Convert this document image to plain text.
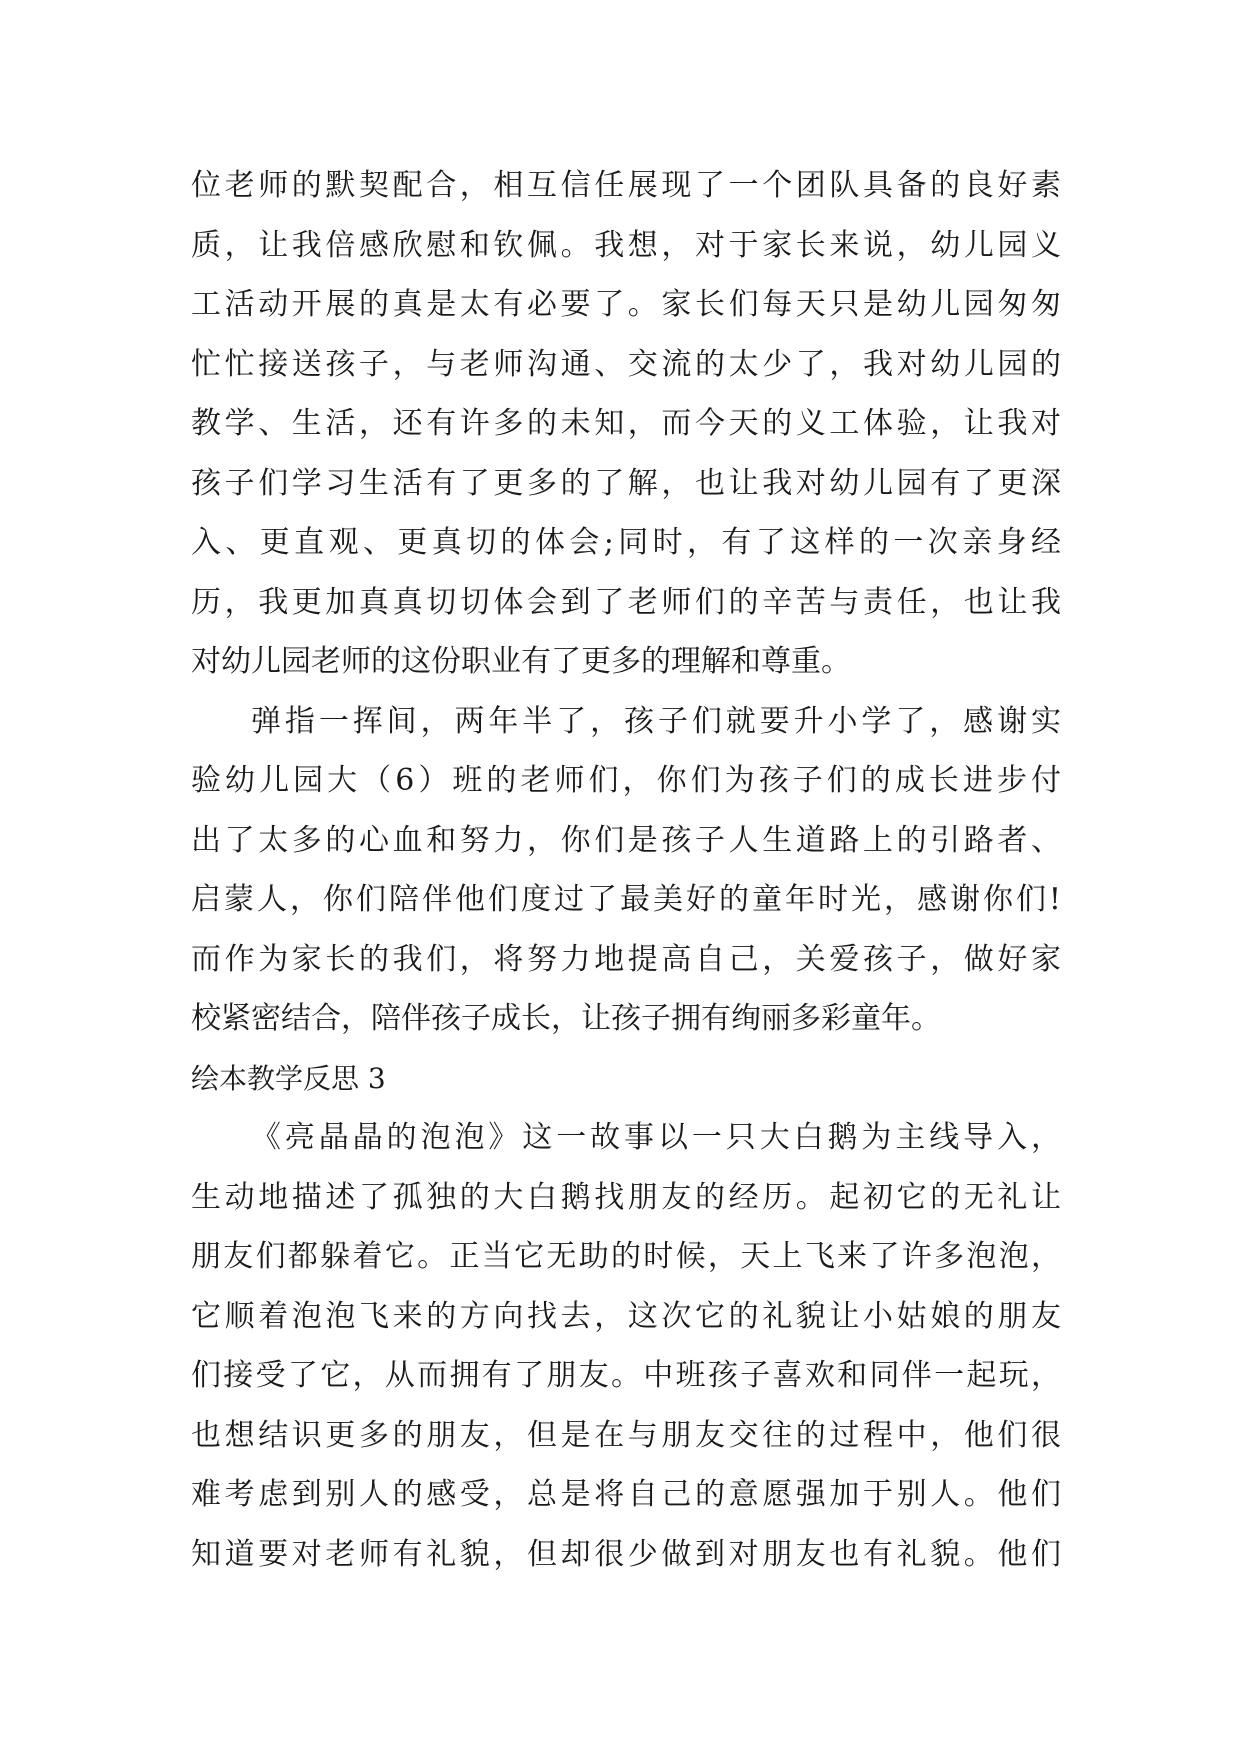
位老师的默契配合，相互信任展现了一个团队具备的良好素
质，让我倍感欣慰和钦佩。我想，对于家长来说，幼儿园义
工活动开展的真是太有必要了。家长们每天只是幼儿园匆匆
忙忙接送孩子，与老师沟通、交流的太少了，我对幼儿园的
教学、生活，还有许多的未知，而今天的义工体验，让我对
孩子们学习生活有了更多的了解，也让我对幼儿园有了更深
入、更直观、更真切的体会;同时，有了这样的一次亲身经
历，我更加真真切切体会到了老师们的辛苦与责任，也让我
对幼儿园老师的这份职业有了更多的理解和尊重。
弹指一挥间，两年半了，孩子们就要升小学了，感谢实
验幼儿园大（6）班的老师们，你们为孩子们的成长进步付
出了太多的心血和努力，你们是孩子人生道路上的引路者、
启蒙人，你们陪伴他们度过了最美好的童年时光，感谢你们!
而作为家长的我们，将努力地提高自己，关爱孩子，做好家
校紧密结合，陪伴孩子成长，让孩子拥有绚丽多彩童年。
绘本教学反思 3
《亮晶晶的泡泡》这一故事以一只大白鹅为主线导入，
生动地描述了孤独的大白鹅找朋友的经历。起初它的无礼让
朋友们都躲着它。正当它无助的时候，天上飞来了许多泡泡，
它顺着泡泡飞来的方向找去，这次它的礼貌让小姑娘的朋友
们接受了它，从而拥有了朋友。中班孩子喜欢和同伴一起玩，
也想结识更多的朋友，但是在与朋友交往的过程中，他们很
难考虑到别人的感受，总是将自己的意愿强加于别人。他们
知道要对老师有礼貌，但却很少做到对朋友也有礼貌。他们
